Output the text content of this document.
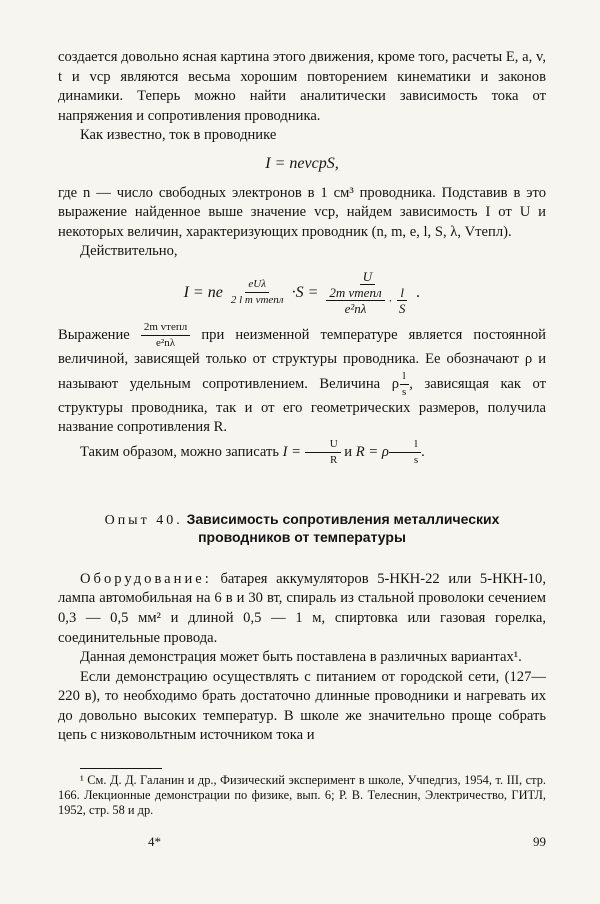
создается довольно ясная картина этого движения, кроме того, расчеты E, a, v, t и vср являются весьма хорошим повторением кинематики и законов динамики. Теперь можно найти аналитически зависимость тока от напряжения и сопротивления проводника.

Как известно, ток в проводнике

I = nevсрS,

где n — число свободных электронов в 1 см³ проводника. Подставив в это выражение найденное выше значение vср, найдем зависимость I от U и некоторых величин, характеризующих проводник (n, m, e, l, S, λ, Vтепл).

Действительно,

I = ne $\frac{\text{eUλ}}{\text{2 l m vтепл}} \cdot S$ =
U
$\frac{\text{2m vтепл}}{\text{e²nλ}} \cdot \frac{l}{S}$ .

Выражение $\frac{\text{2m vтепл}}{\text{e²nλ}}$ при неизменной температуре является постоянной величиной, зависящей только от структуры проводника. Ее обозначают ρ и называют удельным сопротивлением. Величина ρ $\frac{l}{s}$ , зависящая как от структуры проводника, так и от его геометрических размеров, получила название сопротивления R.

Таким образом, можно записать $I = \frac{U}{R}$ и R = ρ $\frac{l}{s}$ .

Опыт 40. Зависимость сопротивления металлических
проводников от температуры

Оборудование: батарея аккумуляторов 5-НКН-22 или 5-НКН-10, лампа автомобильная на 6 в и 30 вт, спираль из стальной проволоки сечением 0,3 — 0,5 мм² и длиной 0,5 — 1 м, спиртовка или газовая горелка, соединительные провода.

Данная демонстрация может быть поставлена в различных вариантах¹.

Если демонстрацию осуществлять с питанием от городской сети, (127—220 в), то необходимо брать достаточно длинные проводники и нагревать их до довольно высоких температур. В школе же значительно проще собрать цепь с низковольтным источником тока и

¹ См. Д. Д. Галанин и др., Физический эксперимент в школе, Учпедгиз, 1954, т. III, стр. 166. Лекционные демонстрации по физике, вып. 6; Р. В. Телеснин, Электричество, ГИТЛ, 1952, стр. 58 и др.

4*	99
